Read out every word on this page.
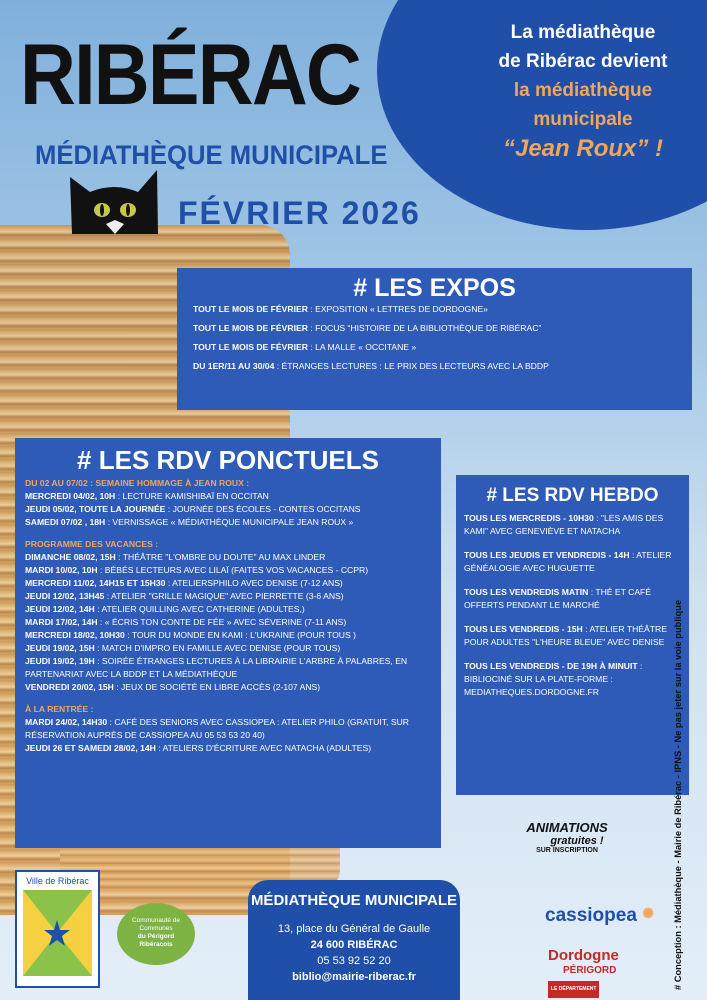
La médiathèque
de Ribérac devient
la médiathèque
municipale
“Jean Roux” !
RIBÉRAC
MÉDIATHÈQUE MUNICIPALE
FÉVRIER 2026
# LES EXPOS
TOUT LE MOIS DE FÉVRIER : EXPOSITION « LETTRES DE DORDOGNE»
TOUT LE MOIS DE FÉVRIER : FOCUS “HISTOIRE DE LA BIBLIOTHÈQUE DE RIBÉRAC”
TOUT LE MOIS DE FÉVRIER : LA MALLE « OCCITANE »
DU 1ER/11 AU 30/04 : ÉTRANGES LECTURES : LE PRIX DES LECTEURS AVEC LA BDDP
# LES RDV PONCTUELS
DU 02 AU 07/02 : SEMAINE HOMMAGE À JEAN ROUX :
MERCREDI 04/02, 10H : LECTURE KAMISHIBAÏ EN OCCITAN
JEUDI 05/02, TOUTE LA JOURNÉE : JOURNÉE DES ÉCOLES - CONTES OCCITANS
SAMEDI 07/02 , 18H : VERNISSAGE « MÉDIATHÈQUE MUNICIPALE JEAN ROUX »
PROGRAMME DES VACANCES :
DIMANCHE 08/02, 15H : THÉÂTRE "L'OMBRE DU DOUTE" AU MAX LINDER
MARDI 10/02, 10H : BÉBÉS LECTEURS AVEC LILAÏ (FAITES VOS VACANCES - CCPR)
MERCREDI 11/02, 14H15 ET 15H30 : ATELIERSPHILO AVEC DENISE (7-12 ANS)
JEUDI 12/02, 13H45 : ATELIER "GRILLE MAGIQUE" AVEC PIERRETTE (3-6 ANS)
JEUDI 12/02, 14H : ATELIER QUILLING AVEC CATHERINE (ADULTES,)
MARDI 17/02, 14H : « ÉCRIS TON CONTE DE FÉE » AVEC SÉVERINE (7-11 ANS)
MERCREDI 18/02, 10H30 : TOUR DU MONDE EN KAMI : L'UKRAINE (POUR TOUS )
JEUDI 19/02, 15H : MATCH D'IMPRO EN FAMILLE AVEC DENISE (POUR TOUS)
JEUDI 19/02, 19H : SOIRÉE ÉTRANGES LECTURES À LA LIBRAIRIE L'ARBRE À PALABRES, EN PARTENARIAT AVEC LA BDDP ET LA MÉDIATHÈQUE
VENDREDI 20/02, 15H : JEUX DE SOCIÉTÉ EN LIBRE ACCÈS (2-107 ANS)
À LA RENTRÉE :
MARDI 24/02, 14H30 : CAFÉ DES SENIORS AVEC CASSIOPEA : ATELIER PHILO (GRATUIT, SUR RÉSERVATION AUPRÈS DE CASSIOPEA AU 05 53 53 20 40)
JEUDI 26 ET SAMEDI 28/02, 14H : ATELIERS D'ÉCRITURE AVEC NATACHA (ADULTES)
# LES RDV HEBDO
TOUS LES MERCREDIS - 10H30 : "LES AMIS DES KAMI" AVEC GENEVIÈVE ET NATACHA
TOUS LES JEUDIS ET VENDREDIS - 14H : ATELIER GÉNÉALOGIE AVEC HUGUETTE
TOUS LES VENDREDIS MATIN : THÉ ET CAFÉ OFFERTS PENDANT LE MARCHÉ
TOUS LES VENDREDIS - 15H : ATELIER THÉÂTRE POUR ADULTES "L'HEURE BLEUE" AVEC DENISE
TOUS LES VENDREDIS - DE 19H À MINUIT : BIBLIOCINÉ SUR LA PLATE-FORME : MEDIATHEQUES.DORDOGNE.FR
Ville de Ribérac
Communauté de Communes
du Périgord
Ribéracois
MÉDIATHÈQUE MUNICIPALE
13, place du Général de Gaulle
24 600 RIBÉRAC
05 53 92 52 20
biblio@mairie-riberac.fr
ANIMATIONS
gratuites !
SUR INSCRIPTION
cassiopea ✺
Dordogne
PÉRIGORD
LE DÉPARTEMENT	# Conception : Médiathèque - Mairie de Ribérac - IPNS - Ne pas jeter sur la voie publique
